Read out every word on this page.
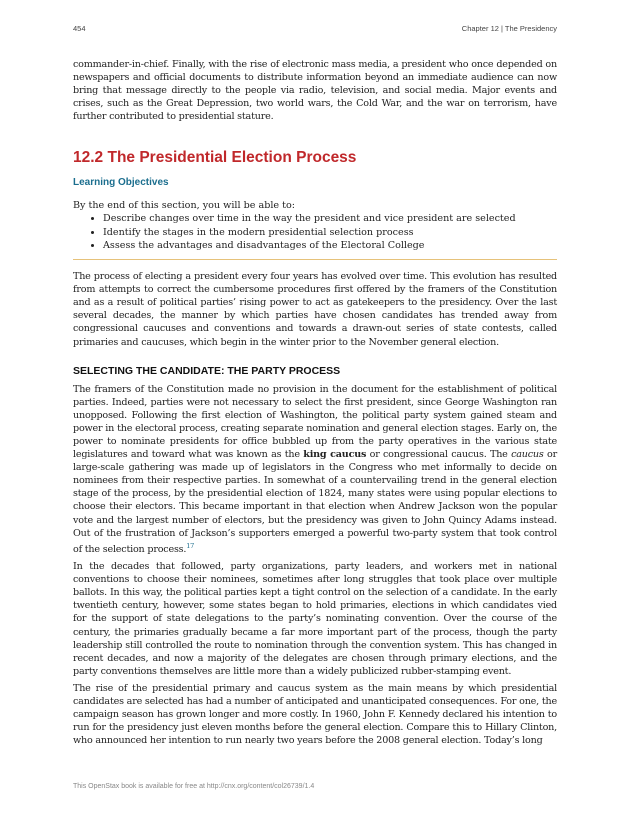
454	Chapter 12 | The Presidency

commander-in-chief. Finally, with the rise of electronic mass media, a president who once depended on newspapers and official documents to distribute information beyond an immediate audience can now bring that message directly to the people via radio, television, and social media. Major events and crises, such as the Great Depression, two world wars, the Cold War, and the war on terrorism, have further contributed to presidential stature.

12.2 The Presidential Election Process
Learning Objectives

By the end of this section, you will be able to:

• Describe changes over time in the way the president and vice president are selected
• Identify the stages in the modern presidential selection process
• Assess the advantages and disadvantages of the Electoral College

The process of electing a president every four years has evolved over time. This evolution has resulted from attempts to correct the cumbersome procedures first offered by the framers of the Constitution and as a result of political parties’ rising power to act as gatekeepers to the presidency. Over the last several decades, the manner by which parties have chosen candidates has trended away from congressional caucuses and conventions and towards a drawn-out series of state contests, called primaries and caucuses, which begin in the winter prior to the November general election.

SELECTING THE CANDIDATE: THE PARTY PROCESS

The framers of the Constitution made no provision in the document for the establishment of political parties. Indeed, parties were not necessary to select the first president, since George Washington ran unopposed. Following the first election of Washington, the political party system gained steam and power in the electoral process, creating separate nomination and general election stages. Early on, the power to nominate presidents for office bubbled up from the party operatives in the various state legislatures and toward what was known as the king caucus or congressional caucus. The caucus or large-scale gathering was made up of legislators in the Congress who met informally to decide on nominees from their respective parties. In somewhat of a countervailing trend in the general election stage of the process, by the presidential election of 1824, many states were using popular elections to choose their electors. This became important in that election when Andrew Jackson won the popular vote and the largest number of electors, but the presidency was given to John Quincy Adams instead. Out of the frustration of Jackson’s supporters emerged a powerful two-party system that took control of the selection process.$^{17}$

In the decades that followed, party organizations, party leaders, and workers met in national conventions to choose their nominees, sometimes after long struggles that took place over multiple ballots. In this way, the political parties kept a tight control on the selection of a candidate. In the early twentieth century, however, some states began to hold primaries, elections in which candidates vied for the support of state delegations to the party’s nominating convention. Over the course of the century, the primaries gradually became a far more important part of the process, though the party leadership still controlled the route to nomination through the convention system. This has changed in recent decades, and now a majority of the delegates are chosen through primary elections, and the party conventions themselves are little more than a widely publicized rubber-stamping event.

The rise of the presidential primary and caucus system as the main means by which presidential candidates are selected has had a number of anticipated and unanticipated consequences. For one, the campaign season has grown longer and more costly. In 1960, John F. Kennedy declared his intention to run for the presidency just eleven months before the general election. Compare this to Hillary Clinton, who announced her intention to run nearly two years before the 2008 general election. Today’s long

This OpenStax book is available for free at http://cnx.org/content/col26739/1.4
